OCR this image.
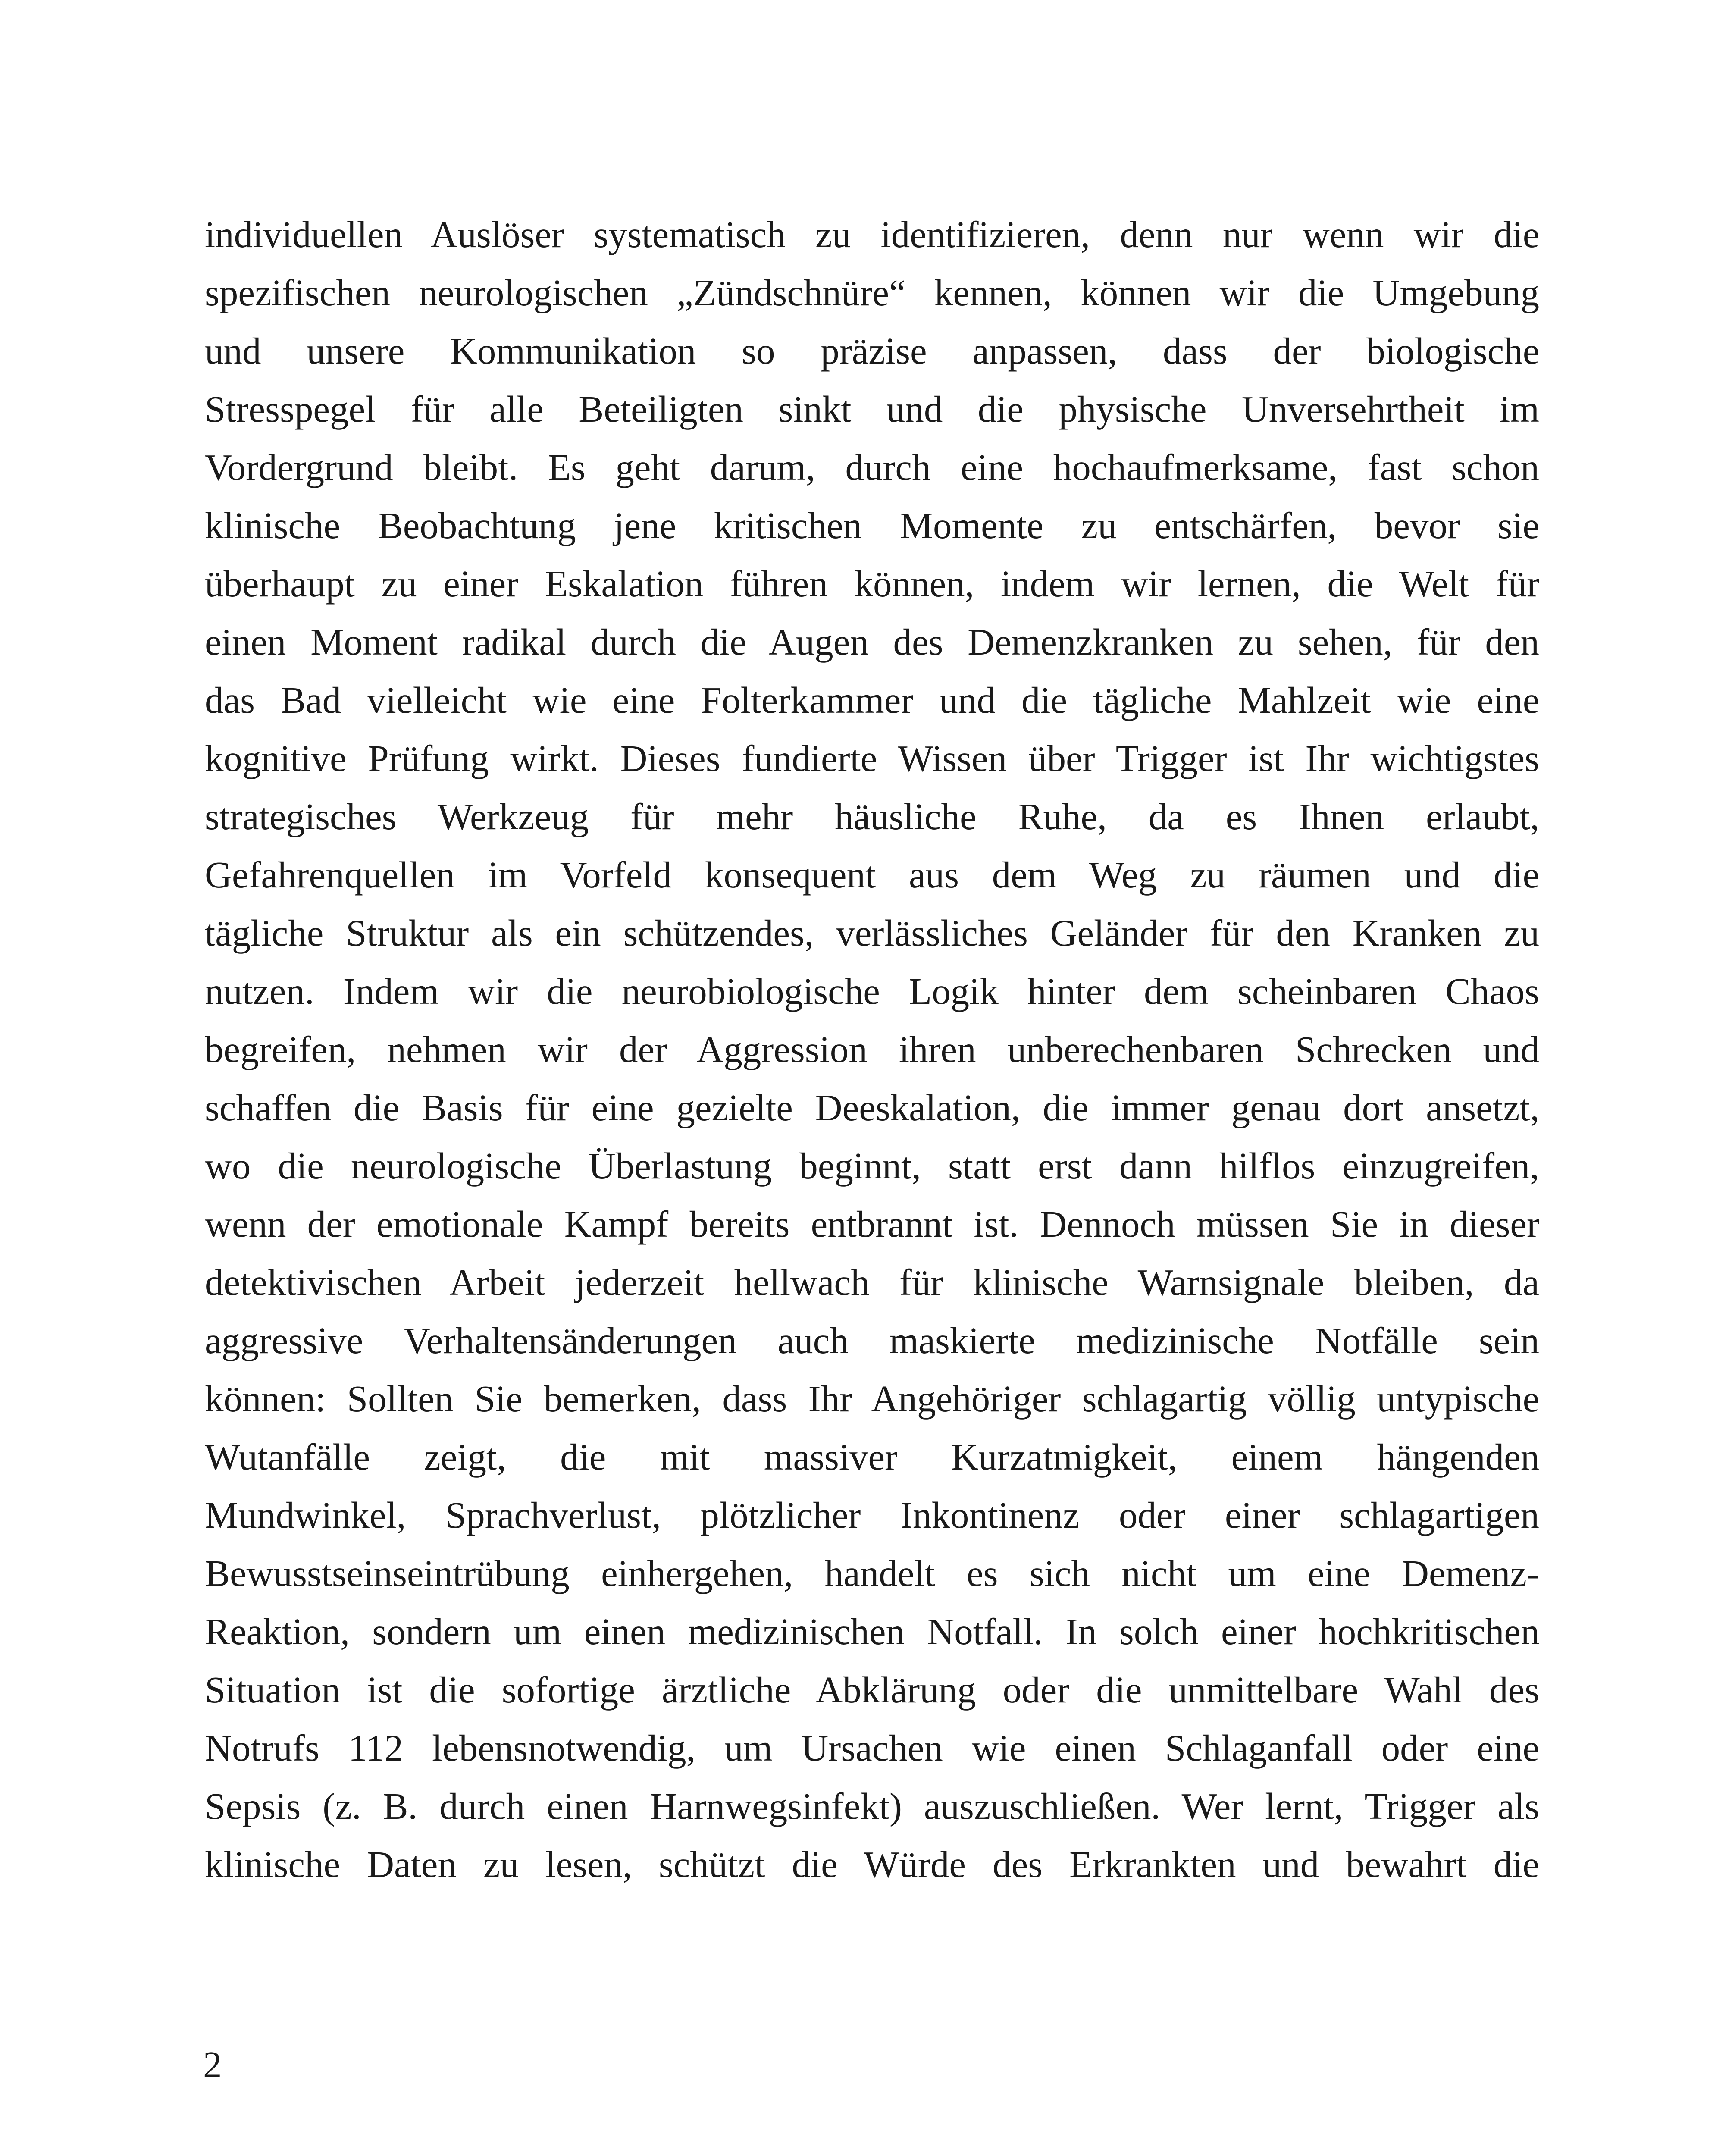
individuellen Auslöser systematisch zu identifizieren, denn nur wenn wir die
spezifischen neurologischen „Zündschnüre“ kennen, können wir die Umgebung
und unsere Kommunikation so präzise anpassen, dass der biologische
Stresspegel für alle Beteiligten sinkt und die physische Unversehrtheit im
Vordergrund bleibt. Es geht darum, durch eine hochaufmerksame, fast schon
klinische Beobachtung jene kritischen Momente zu entschärfen, bevor sie
überhaupt zu einer Eskalation führen können, indem wir lernen, die Welt für
einen Moment radikal durch die Augen des Demenzkranken zu sehen, für den
das Bad vielleicht wie eine Folterkammer und die tägliche Mahlzeit wie eine
kognitive Prüfung wirkt. Dieses fundierte Wissen über Trigger ist Ihr wichtigstes
strategisches Werkzeug für mehr häusliche Ruhe, da es Ihnen erlaubt,
Gefahrenquellen im Vorfeld konsequent aus dem Weg zu räumen und die
tägliche Struktur als ein schützendes, verlässliches Geländer für den Kranken zu
nutzen. Indem wir die neurobiologische Logik hinter dem scheinbaren Chaos
begreifen, nehmen wir der Aggression ihren unberechenbaren Schrecken und
schaffen die Basis für eine gezielte Deeskalation, die immer genau dort ansetzt,
wo die neurologische Überlastung beginnt, statt erst dann hilflos einzugreifen,
wenn der emotionale Kampf bereits entbrannt ist. Dennoch müssen Sie in dieser
detektivischen Arbeit jederzeit hellwach für klinische Warnsignale bleiben, da
aggressive Verhaltensänderungen auch maskierte medizinische Notfälle sein
können: Sollten Sie bemerken, dass Ihr Angehöriger schlagartig völlig untypische
Wutanfälle zeigt, die mit massiver Kurzatmigkeit, einem hängenden
Mundwinkel, Sprachverlust, plötzlicher Inkontinenz oder einer schlagartigen
Bewusstseinseintrübung einhergehen, handelt es sich nicht um eine Demenz-
Reaktion, sondern um einen medizinischen Notfall. In solch einer hochkritischen
Situation ist die sofortige ärztliche Abklärung oder die unmittelbare Wahl des
Notrufs 112 lebensnotwendig, um Ursachen wie einen Schlaganfall oder eine
Sepsis (z. B. durch einen Harnwegsinfekt) auszuschließen. Wer lernt, Trigger als
klinische Daten zu lesen, schützt die Würde des Erkrankten und bewahrt die

2
